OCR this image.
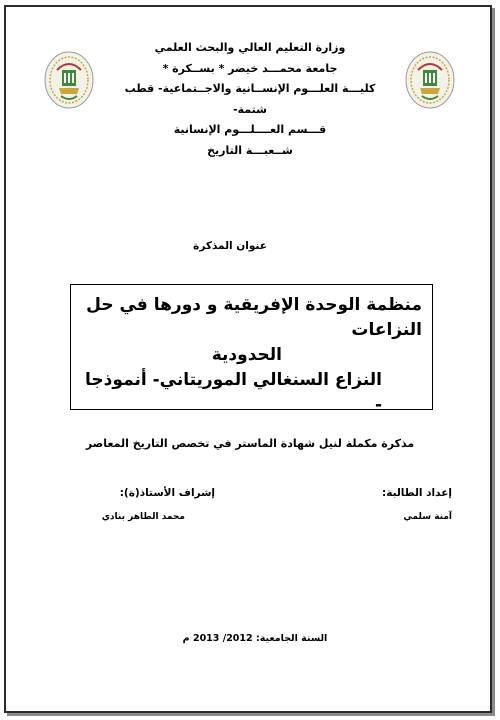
وزارة التعليم العالي والبحث العلمي
جامعة محمـــد خيضر * بســكرة *
كليـــة العلـــوم الإنســانية والاجــتماعية- قطب شتمة-
قـــسم العــــلـــوم الإنسانية
شــعبـــة التاريخ
عنوان المذكرة
منظمة الوحدة الإفريقية و دورها في حل النزاعات
الحدودية
النزاع السنغالي الموريتاني- أنموذجا -
مذكرة مكملة لنيل شهادة الماستر في تخصص التاريخ المعاصر
إعداد الطالبة:
آمنة سلمي
إشراف الأستاذ(ة):
محمد الطاهر بنادي
السنة الجامعية: 2012/ 2013 م
